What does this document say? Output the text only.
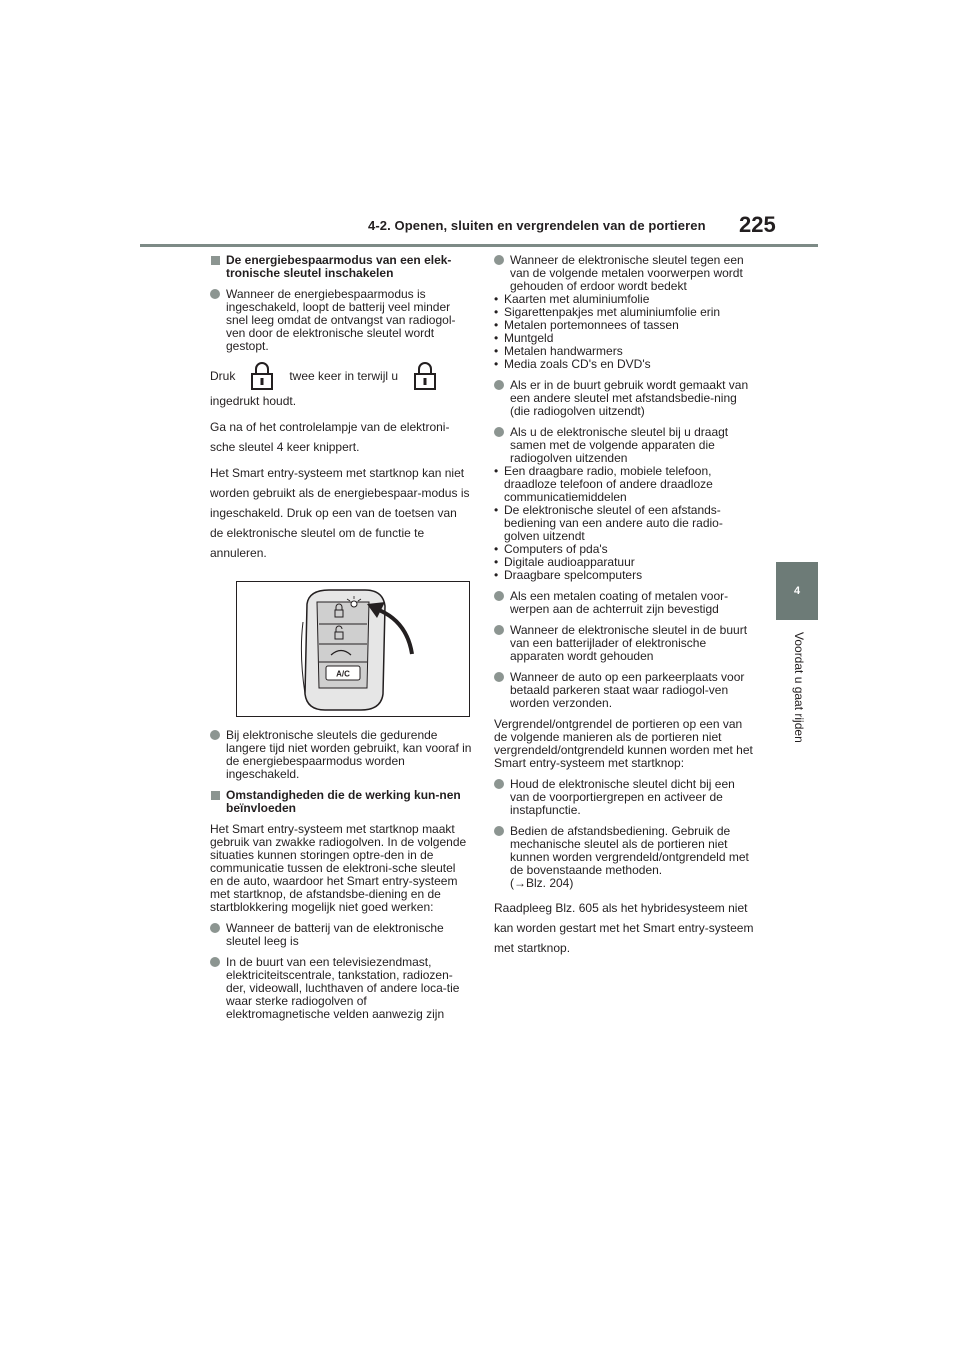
4-2. Openen, sluiten en vergrendelen van de portieren 225
4
Voordat u gaat rijden
De energiebespaarmodus van een elek-tronische sleutel inschakelen
Wanneer de energiebespaarmodus is ingeschakeld, loopt de batterij veel minder snel leeg omdat de ontvangst van radiogol-ven door de elektronische sleutel wordt gestopt.
Druk	twee keer in terwijl u
ingedrukt houdt.
Ga na of het controlelampje van de elektroni-sche sleutel 4 keer knippert.
Het Smart entry-systeem met startknop kan niet worden gebruikt als de energiebespaar-modus is ingeschakeld. Druk op een van de toetsen van de elektronische sleutel om de functie te annuleren.
A/C
Bij elektronische sleutels die gedurende langere tijd niet worden gebruikt, kan vooraf in de energiebespaarmodus worden ingeschakeld.
Omstandigheden die de werking kun-nen beïnvloeden
Het Smart entry-systeem met startknop maakt gebruik van zwakke radiogolven. In de volgende situaties kunnen storingen optre-den in de communicatie tussen de elektroni-sche sleutel en de auto, waardoor het Smart entry-systeem met startknop, de afstandsbe-diening en de startblokkering mogelijk niet goed werken:
Wanneer de batterij van de elektronische sleutel leeg is
In de buurt van een televisiezendmast, elektriciteitscentrale, tankstation, radiozen-der, videowall, luchthaven of andere loca-tie waar sterke radiogolven of elektromagnetische velden aanwezig zijn
Wanneer de elektronische sleutel tegen een van de volgende metalen voorwerpen wordt gehouden of erdoor wordt bedekt
• Kaarten met aluminiumfolie
• Sigarettenpakjes met aluminiumfolie erin
• Metalen portemonnees of tassen
• Muntgeld
• Metalen handwarmers
• Media zoals CD's en DVD's
Als er in de buurt gebruik wordt gemaakt van een andere sleutel met afstandsbedie-ning (die radiogolven uitzendt)
Als u de elektronische sleutel bij u draagt samen met de volgende apparaten die radiogolven uitzenden
• Een draagbare radio, mobiele telefoon, draadloze telefoon of andere draadloze communicatiemiddelen
• De elektronische sleutel of een afstands-bediening van een andere auto die radio-golven uitzendt
• Computers of pda's
• Digitale audioapparatuur
• Draagbare spelcomputers
Als een metalen coating of metalen voor-werpen aan de achterruit zijn bevestigd
Wanneer de elektronische sleutel in de buurt van een batterijlader of elektronische apparaten wordt gehouden
Wanneer de auto op een parkeerplaats voor betaald parkeren staat waar radiogol-ven worden verzonden.
Vergrendel/ontgrendel de portieren op een van de volgende manieren als de portieren niet vergrendeld/ontgrendeld kunnen worden met het Smart entry-systeem met startknop:
Houd de elektronische sleutel dicht bij een van de voorportiergrepen en activeer de instapfunctie.
Bedien de afstandsbediening. Gebruik de mechanische sleutel als de portieren niet kunnen worden vergrendeld/ontgrendeld met de bovenstaande methoden.
(→Blz. 204)
Raadpleeg Blz. 605 als het hybridesysteem niet kan worden gestart met het Smart entry-systeem met startknop.
